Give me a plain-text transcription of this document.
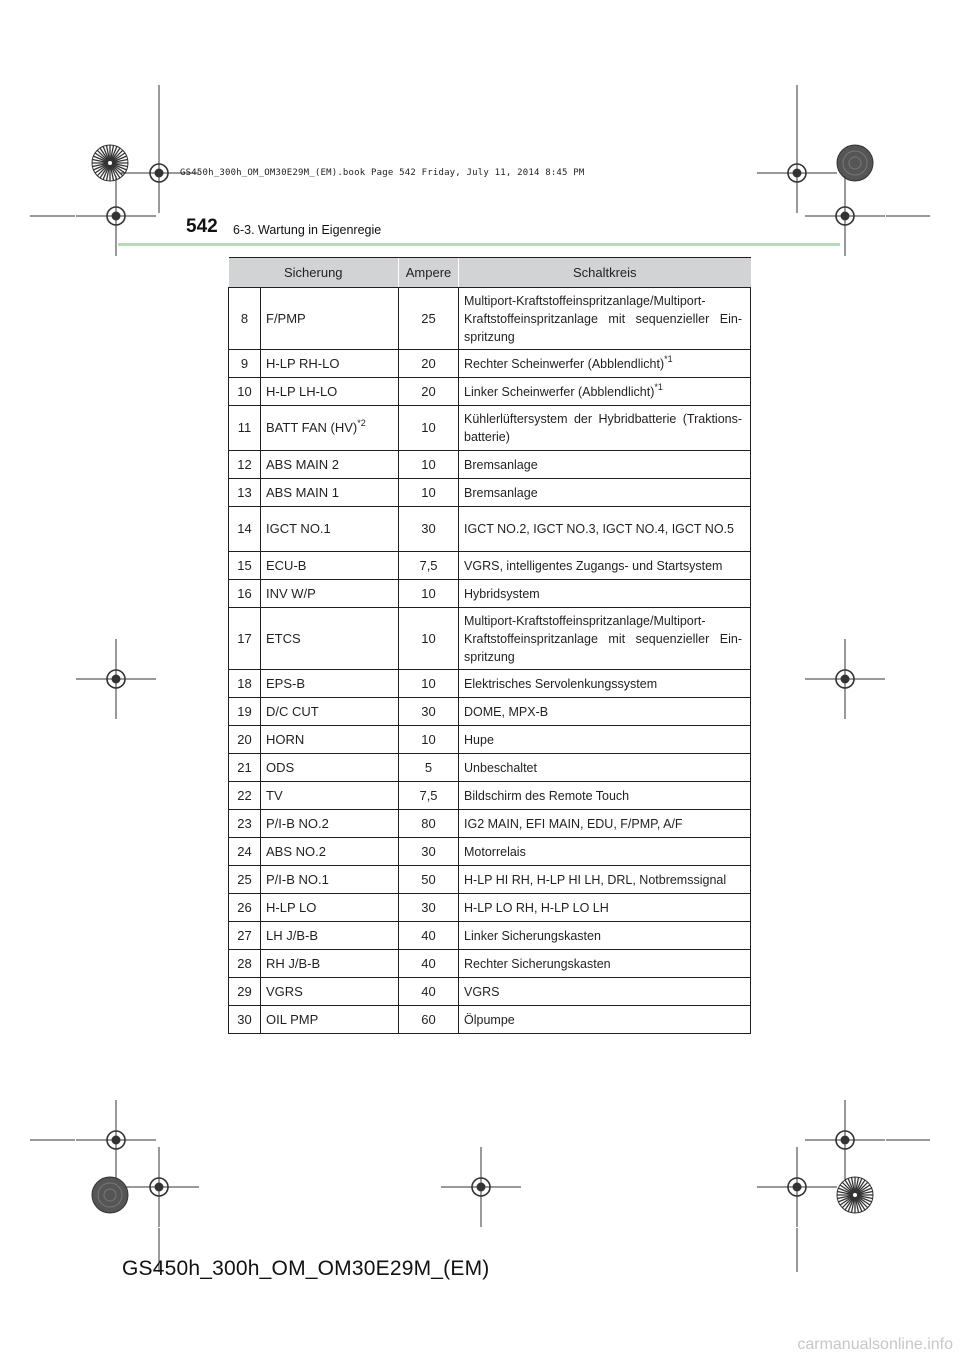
GS450h_300h_OM_OM30E29M_(EM).book Page 542 Friday, July 11, 2014 8:45 PM
542 6-3. Wartung in Eigenregie
Sicherung		Ampere	Schaltkreis
8	F/PMP	25	Multiport-Kraftstoffeinspritzanlage/Multiport-Kraftstoffeinspritzanlage mit sequenzieller Ein-spritzung
9	H-LP RH-LO	20	Rechter Scheinwerfer (Abblendlicht)$^{*1}$
10	H-LP LH-LO	20	Linker Scheinwerfer (Abblendlicht)$^{*1}$
11	BATT FAN (HV)$^{*2}$	10	Kühlerlüftersystem der Hybridbatterie (Traktions-batterie)
12	ABS MAIN 2	10	Bremsanlage
13	ABS MAIN 1	10	Bremsanlage
14	IGCT NO.1	30	IGCT NO.2, IGCT NO.3, IGCT NO.4, IGCT NO.5
15	ECU-B	7,5	VGRS, intelligentes Zugangs- und Startsystem
16	INV W/P	10	Hybridsystem
17	ETCS	10	Multiport-Kraftstoffeinspritzanlage/Multiport-Kraftstoffeinspritzanlage mit sequenzieller Ein-spritzung
18	EPS-B	10	Elektrisches Servolenkungssystem
19	D/C CUT	30	DOME, MPX-B
20	HORN	10	Hupe
21	ODS	5	Unbeschaltet
22	TV	7,5	Bildschirm des Remote Touch
23	P/I-B NO.2	80	IG2 MAIN, EFI MAIN, EDU, F/PMP, A/F
24	ABS NO.2	30	Motorrelais
25	P/I-B NO.1	50	H-LP HI RH, H-LP HI LH, DRL, Notbremssignal
26	H-LP LO	30	H-LP LO RH, H-LP LO LH
27	LH J/B-B	40	Linker Sicherungskasten
28	RH J/B-B	40	Rechter Sicherungskasten
29	VGRS	40	VGRS
30	OIL PMP	60	Ölpumpe
GS450h_300h_OM_OM30E29M_(EM)
carmanualsonline.info
